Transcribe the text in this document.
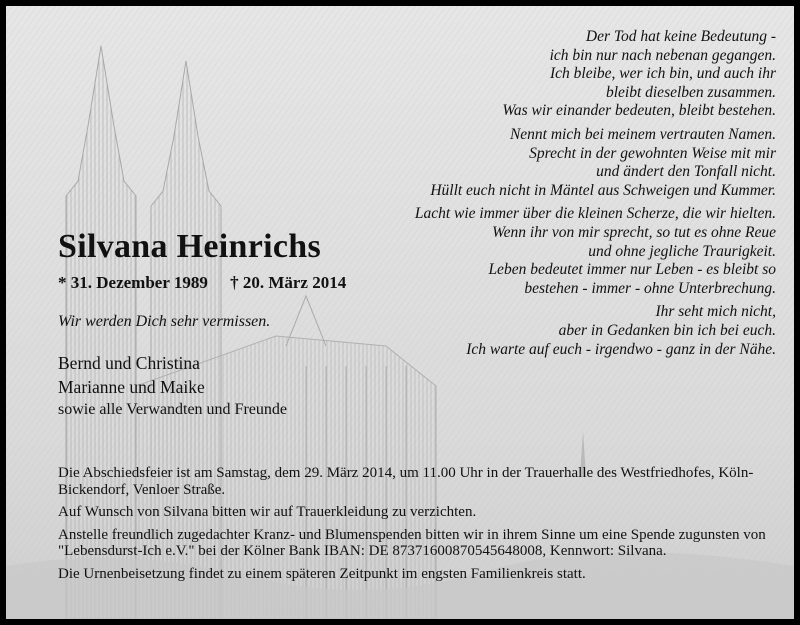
Der Tod hat keine Bedeutung -
ich bin nur nach nebenan gegangen.
Ich bleibe, wer ich bin, und auch ihr
bleibt dieselben zusammen.
Was wir einander bedeuten, bleibt bestehen.
Nennt mich bei meinem vertrauten Namen.
Sprecht in der gewohnten Weise mit mir
und ändert den Tonfall nicht.
Hüllt euch nicht in Mäntel aus Schweigen und Kummer.
Lacht wie immer über die kleinen Scherze, die wir hielten.
Wenn ihr von mir sprecht, so tut es ohne Reue
und ohne jegliche Traurigkeit.
Leben bedeutet immer nur Leben - es bleibt so
bestehen - immer - ohne Unterbrechung.
Ihr seht mich nicht,
aber in Gedanken bin ich bei euch.
Ich warte auf euch - irgendwo - ganz in der Nähe.
Silvana Heinrichs
* 31. Dezember 1989 † 20. März 2014
Wir werden Dich sehr vermissen.
Bernd und Christina
Marianne und Maike
sowie alle Verwandten und Freunde

Die Abschiedsfeier ist am Samstag, dem 29. März 2014, um 11.00 Uhr in der Trauerhalle des Westfriedhofes, Köln-Bickendorf, Venloer Straße.

Auf Wunsch von Silvana bitten wir auf Trauerkleidung zu verzichten.

Anstelle freundlich zugedachter Kranz- und Blumenspenden bitten wir in ihrem Sinne um eine Spende zugunsten von "Lebensdurst-Ich e.V." bei der Kölner Bank IBAN: DE 87371600870545648008, Kennwort: Silvana.

Die Urnenbeisetzung findet zu einem späteren Zeitpunkt im engsten Familienkreis statt.
